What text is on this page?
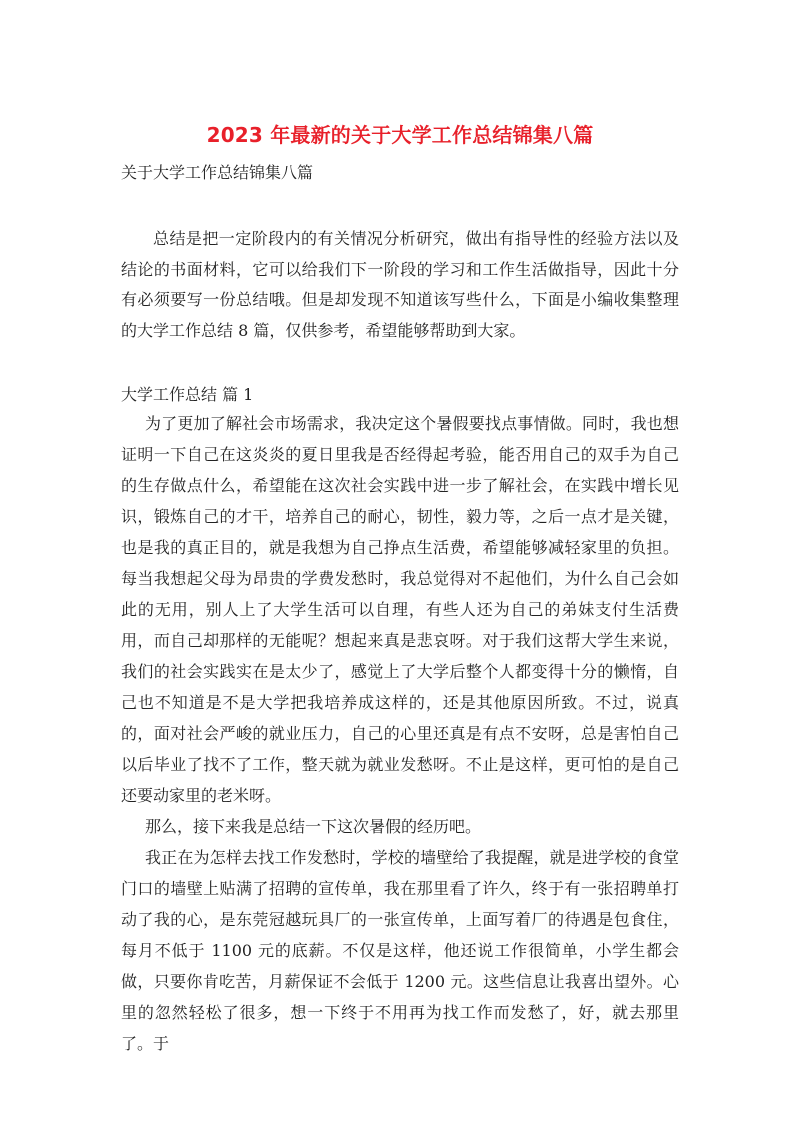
2023 年最新的关于大学工作总结锦集八篇
关于大学工作总结锦集八篇

总结是把一定阶段内的有关情况分析研究，做出有指导性的经验方法以及结论的书面材料，它可以给我们下一阶段的学习和工作生活做指导，因此十分有必须要写一份总结哦。但是却发现不知道该写些什么，下面是小编收集整理的大学工作总结 8 篇，仅供参考，希望能够帮助到大家。

大学工作总结 篇 1

为了更加了解社会市场需求，我决定这个暑假要找点事情做。同时，我也想证明一下自己在这炎炎的夏日里我是否经得起考验，能否用自己的双手为自己的生存做点什么，希望能在这次社会实践中进一步了解社会，在实践中增长见识，锻炼自己的才干，培养自己的耐心，韧性，毅力等，之后一点才是关键，也是我的真正目的，就是我想为自己挣点生活费，希望能够减轻家里的负担。每当我想起父母为昂贵的学费发愁时，我总觉得对不起他们，为什么自己会如此的无用，别人上了大学生活可以自理，有些人还为自己的弟妹支付生活费用，而自己却那样的无能呢？想起来真是悲哀呀。对于我们这帮大学生来说，我们的社会实践实在是太少了，感觉上了大学后整个人都变得十分的懒惰，自己也不知道是不是大学把我培养成这样的，还是其他原因所致。不过，说真的，面对社会严峻的就业压力，自己的心里还真是有点不安呀，总是害怕自己以后毕业了找不了工作，整天就为就业发愁呀。不止是这样，更可怕的是自己还要动家里的老米呀。

那么，接下来我是总结一下这次暑假的经历吧。

我正在为怎样去找工作发愁时，学校的墙壁给了我提醒，就是进学校的食堂门口的墙壁上贴满了招聘的宣传单，我在那里看了许久，终于有一张招聘单打动了我的心，是东莞冠越玩具厂的一张宣传单，上面写着厂的待遇是包食住，每月不低于 1100 元的底薪。不仅是这样，他还说工作很简单，小学生都会做，只要你肯吃苦，月薪保证不会低于 1200 元。这些信息让我喜出望外。心里的忽然轻松了很多，想一下终于不用再为找工作而发愁了，好，就去那里了。于
